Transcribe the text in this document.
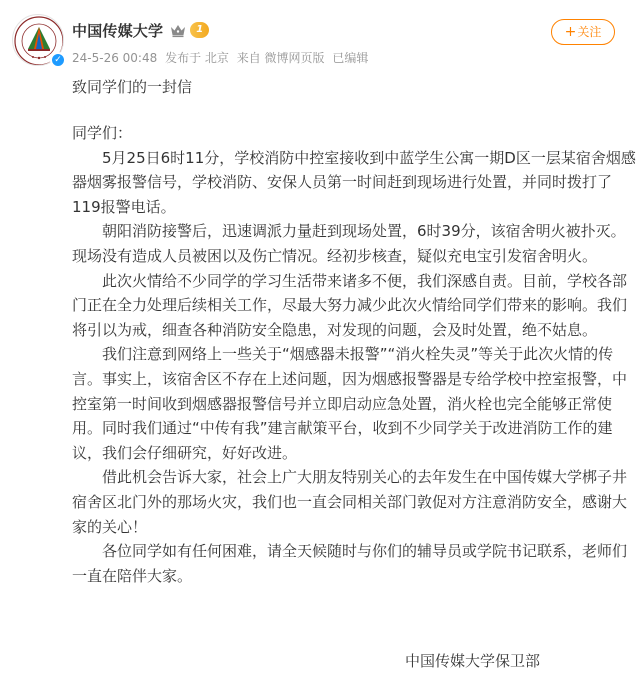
✓
中国传媒大学	1
24-5-26 00:48 发布于 北京 来自 微博网页版 已编辑
+关注
致同学们的一封信

同学们：

5月25日6时11分，学校消防中控室接收到中蓝学生公寓一期D区一层某宿舍烟感器烟雾报警信号，学校消防、安保人员第一时间赶到现场进行处置，并同时拨打了119报警电话。

朝阳消防接警后，迅速调派力量赶到现场处置，6时39分，该宿舍明火被扑灭。现场没有造成人员被困以及伤亡情况。经初步核查，疑似充电宝引发宿舍明火。

此次火情给不少同学的学习生活带来诸多不便，我们深感自责。目前，学校各部门正在全力处理后续相关工作，尽最大努力减少此次火情给同学们带来的影响。我们将引以为戒，细查各种消防安全隐患，对发现的问题，会及时处置，绝不姑息。

我们注意到网络上一些关于“烟感器未报警”“消火栓失灵”等关于此次火情的传言。事实上，该宿舍区不存在上述问题，因为烟感报警器是专给学校中控室报警，中控室第一时间收到烟感器报警信号并立即启动应急处置，消火栓也完全能够正常使用。同时我们通过“中传有我”建言献策平台，收到不少同学关于改进消防工作的建议，我们会仔细研究，好好改进。

借此机会告诉大家，社会上广大朋友特别关心的去年发生在中国传媒大学梆子井宿舍区北门外的那场火灾，我们也一直会同相关部门敦促对方注意消防安全，感谢大家的关心！

各位同学如有任何困难，请全天候随时与你们的辅导员或学院书记联系，老师们一直在陪伴大家。

中国传媒大学保卫部
